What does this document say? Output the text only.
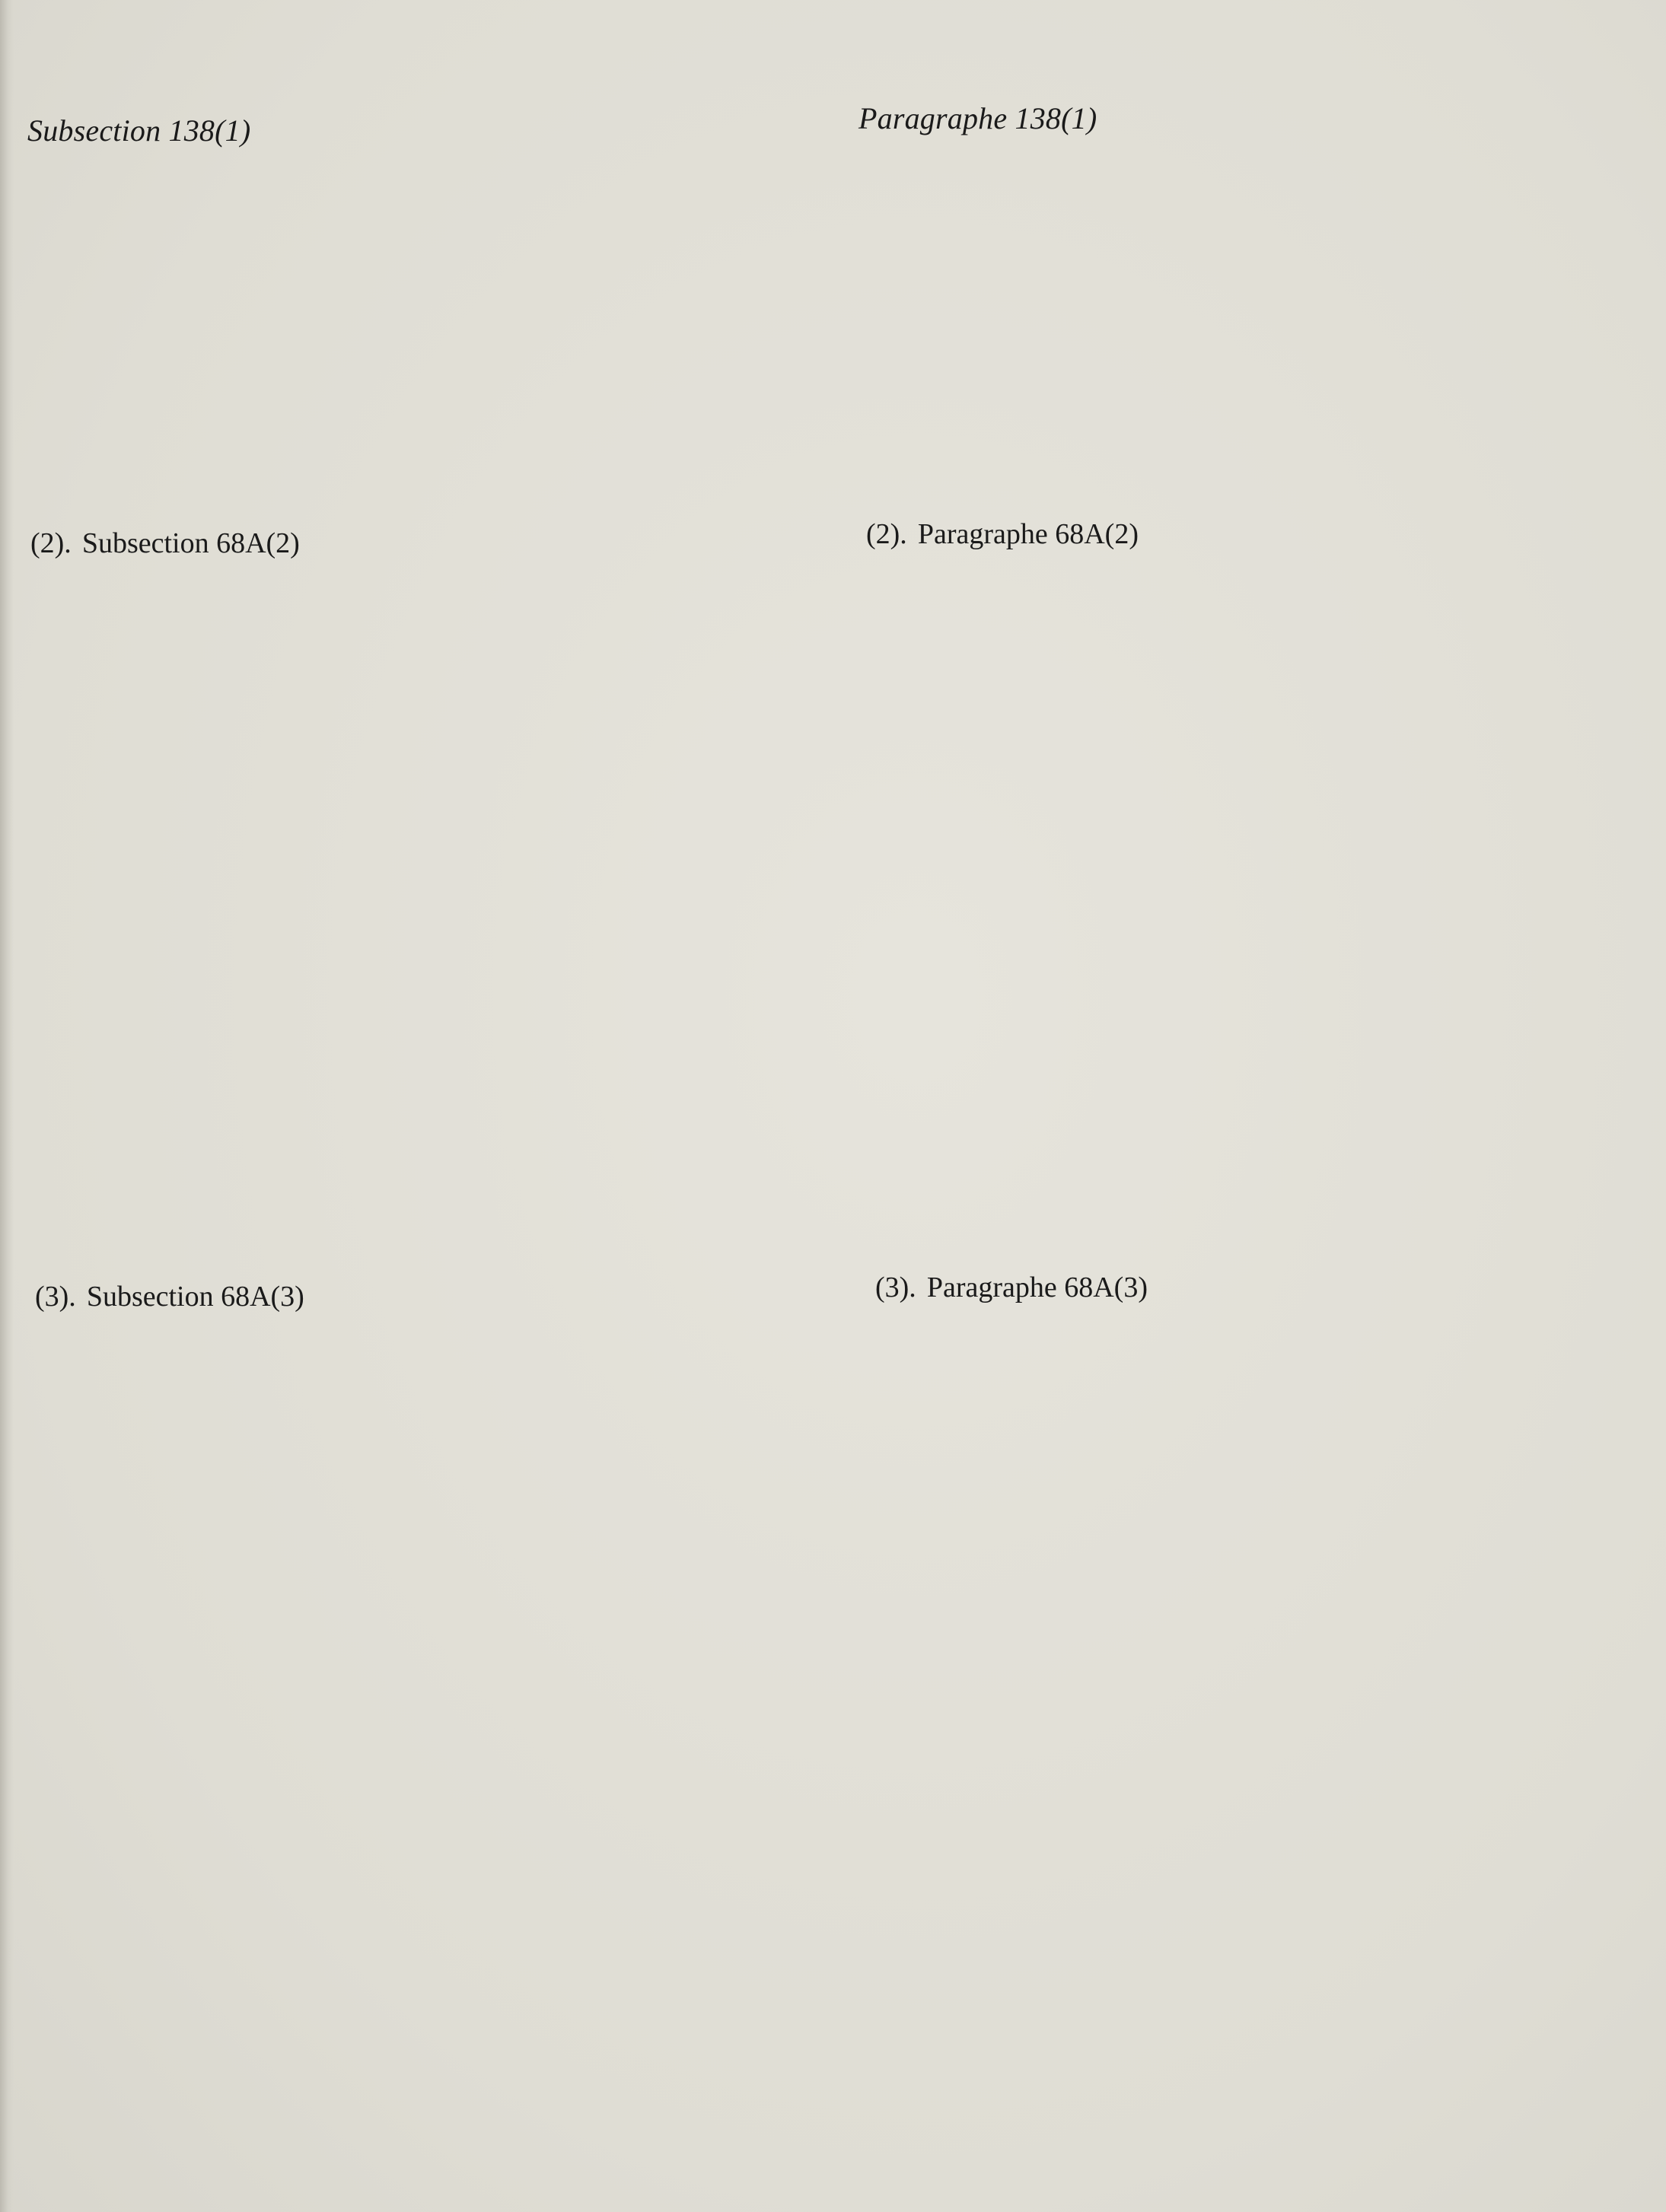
Subsection 138(1)
(2). Subsection 68A(2)
(3). Subsection 68A(3)
Paragraphe 138(1)
(2). Paragraphe 68A(2)
(3). Paragraphe 68A(3)
